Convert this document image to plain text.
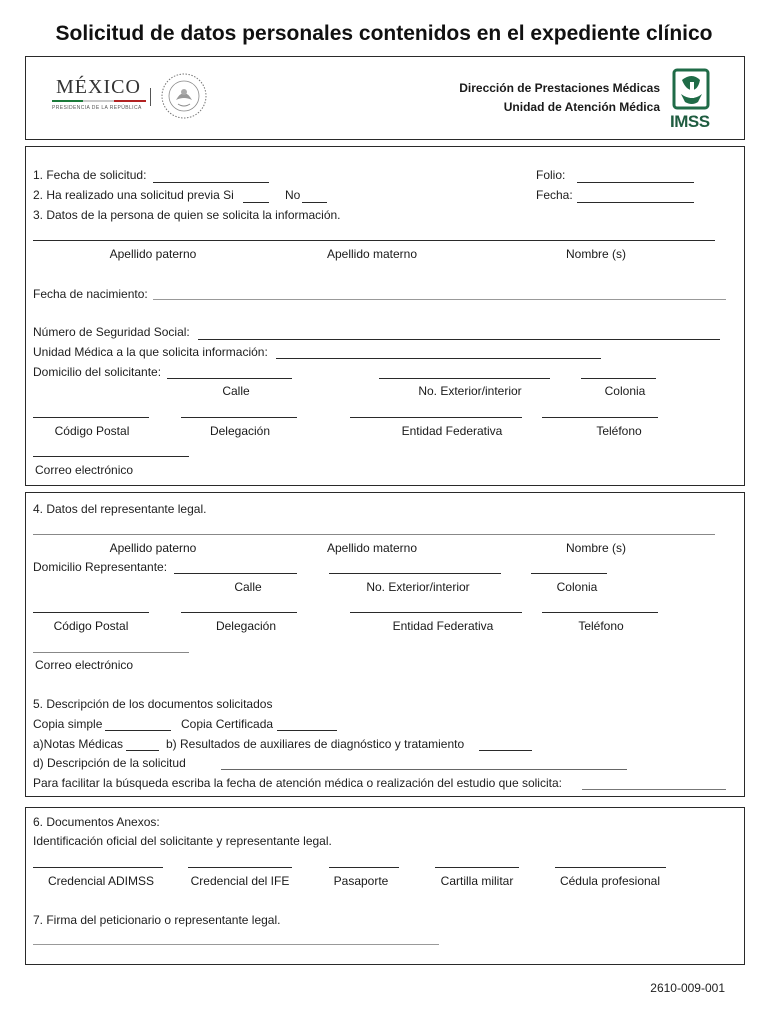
Solicitud de datos personales contenidos en el expediente clínico
MÉXICO
PRESIDENCIA DE LA REPÚBLICA
Dirección de Prestaciones Médicas
Unidad de Atención Médica
IMSS
1. Fecha de solicitud:	Folio:
2. Ha realizado una solicitud previa Si	No	Fecha:
3. Datos de la persona de quien se solicita la información.
Apellido paterno	Apellido materno	Nombre (s)
Fecha de nacimiento:
Número de Seguridad Social:
Unidad Médica a la que solicita información:
Domicilio del solicitante:
Calle	No. Exterior/interior	Colonia
Código Postal	Delegación	Entidad Federativa	Teléfono
Correo electrónico
4. Datos del representante legal.
Apellido paterno	Apellido materno	Nombre (s)
Domicilio Representante:
Calle	No. Exterior/interior	Colonia
Código Postal	Delegación	Entidad Federativa	Teléfono
Correo electrónico
5. Descripción de los documentos solicitados
Copia simple	Copia Certificada
a)Notas Médicas	b) Resultados de auxiliares de diagnóstico y tratamiento
d) Descripción de la solicitud
Para facilitar la búsqueda escriba la fecha de atención médica o realización del estudio que solicita:
6. Documentos Anexos:
Identificación oficial del solicitante y representante legal.
Credencial ADIMSS	Credencial del IFE	Pasaporte	Cartilla militar	Cédula profesional
7. Firma del peticionario o representante legal.
2610-009-001
